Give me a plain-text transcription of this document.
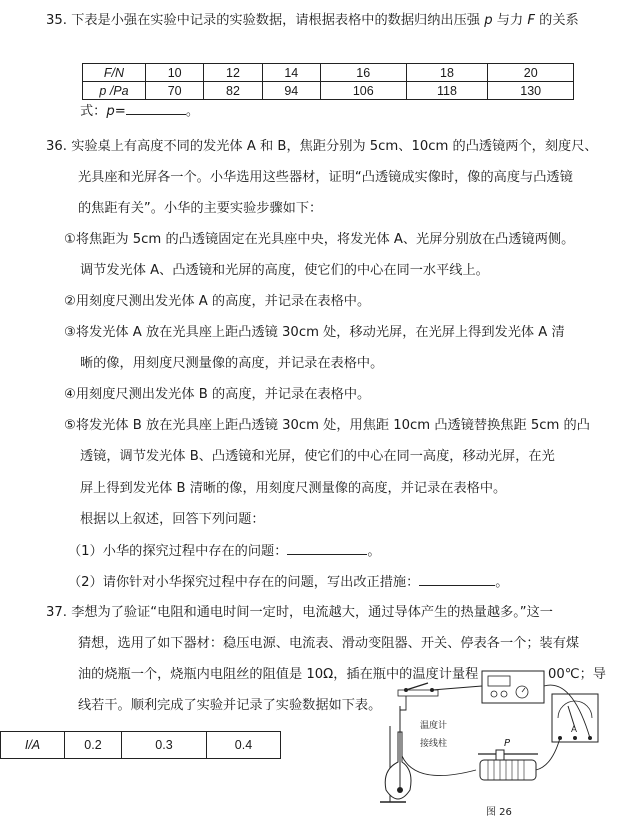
35. 下表是小强在实验中记录的实验数据，请根据表格中的数据归纳出压强 p 与力 F 的关系
F/N	10	12	14	16	18	20
p /Pa	70	82	94	106	118	130
式：p=	。
36. 实验桌上有高度不同的发光体 A 和 B，焦距分别为 5cm、10cm 的凸透镜两个，刻度尺、
光具座和光屏各一个。小华选用这些器材，证明“凸透镜成实像时，像的高度与凸透镜
的焦距有关”。小华的主要实验步骤如下：
①将焦距为 5cm 的凸透镜固定在光具座中央，将发光体 A、光屏分别放在凸透镜两侧。
调节发光体 A、凸透镜和光屏的高度，使它们的中心在同一水平线上。
②用刻度尺测出发光体 A 的高度，并记录在表格中。
③将发光体 A 放在光具座上距凸透镜 30cm 处，移动光屏，在光屏上得到发光体 A 清
晰的像，用刻度尺测量像的高度，并记录在表格中。
④用刻度尺测出发光体 B 的高度，并记录在表格中。
⑤将发光体 B 放在光具座上距凸透镜 30cm 处，用焦距 10cm 凸透镜替换焦距 5cm 的凸
透镜，调节发光体 B、凸透镜和光屏，使它们的中心在同一高度，移动光屏，在光
屏上得到发光体 B 清晰的像，用刻度尺测量像的高度，并记录在表格中。
根据以上叙述，回答下列问题：
（1）小华的探究过程中存在的问题：	。
（2）请你针对小华探究过程中存在的问题，写出改正措施：	。
37. 李想为了验证“电阻和通电时间一定时，电流越大，通过导体产生的热量越多。”这一
猜想，选用了如下器材：稳压电源、电流表、滑动变阻器、开关、停表各一个；装有煤
油的烧瓶一个，烧瓶内电阻丝的阻值是 10Ω，插在瓶中的温度计量程	00℃；导
线若干。顺利完成了实验并记录了实验数据如下表。
I/A	0.2	0.3	0.4
A
温度计
接线柱	P
图 26
